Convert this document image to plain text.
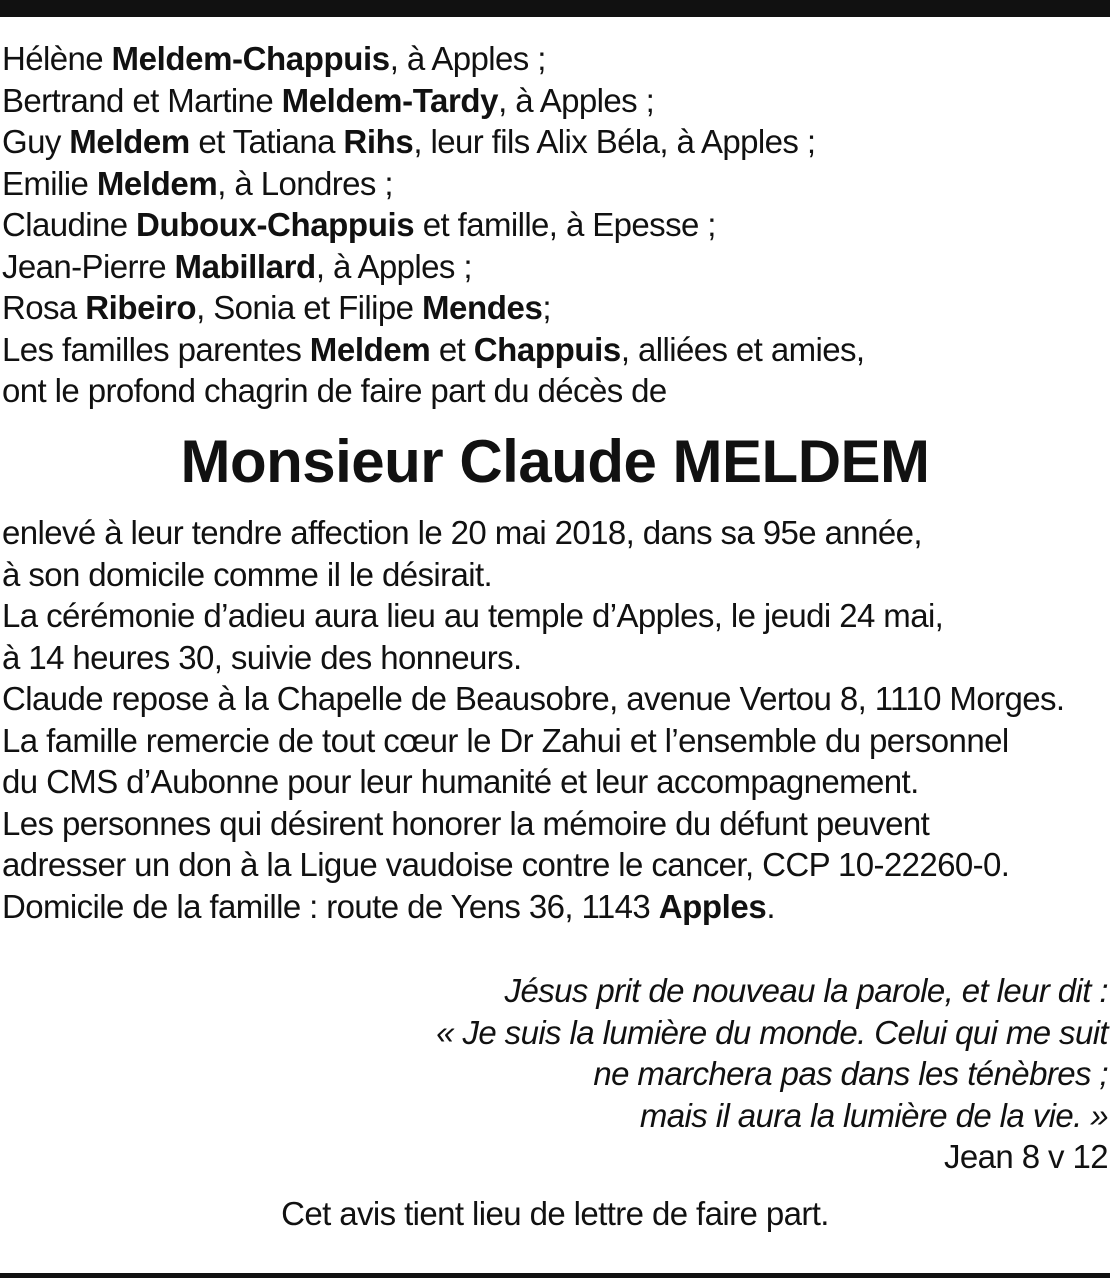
Hélène Meldem-Chappuis, à Apples ;
Bertrand et Martine Meldem-Tardy, à Apples ;
Guy Meldem et Tatiana Rihs, leur fils Alix Béla, à Apples ;
Emilie Meldem, à Londres ;
Claudine Duboux-Chappuis et famille, à Epesse ;
Jean-Pierre Mabillard, à Apples ;
Rosa Ribeiro, Sonia et Filipe Mendes;
Les familles parentes Meldem et Chappuis, alliées et amies,
ont le profond chagrin de faire part du décès de
Monsieur Claude MELDEM
enlevé à leur tendre affection le 20 mai 2018, dans sa 95e année,
à son domicile comme il le désirait.
La cérémonie d’adieu aura lieu au temple d’Apples, le jeudi 24 mai,
à 14 heures 30, suivie des honneurs.
Claude repose à la Chapelle de Beausobre, avenue Vertou 8, 1110 Morges.
La famille remercie de tout cœur le Dr Zahui et l’ensemble du personnel
du CMS d’Aubonne pour leur humanité et leur accompagnement.
Les personnes qui désirent honorer la mémoire du défunt peuvent
adresser un don à la Ligue vaudoise contre le cancer, CCP 10-22260-0.
Domicile de la famille : route de Yens 36, 1143 Apples.
Jésus prit de nouveau la parole, et leur dit :
« Je suis la lumière du monde. Celui qui me suit
ne marchera pas dans les ténèbres ;
mais il aura la lumière de la vie. »
Jean 8 v 12
Cet avis tient lieu de lettre de faire part.
